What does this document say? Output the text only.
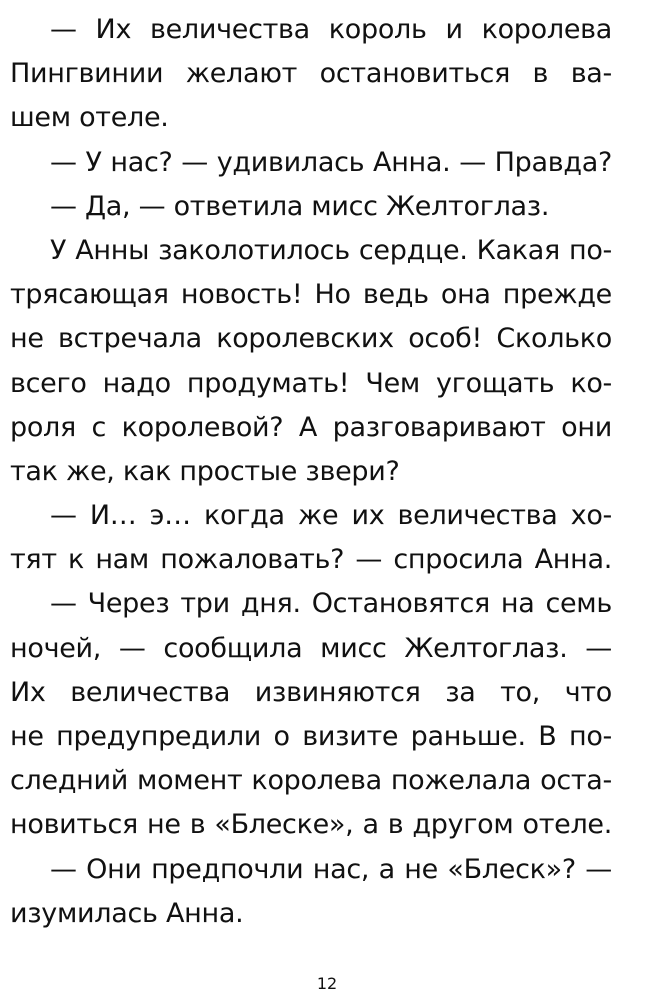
— Их величества король и королева
Пингвинии желают остановиться в ва-
шем отеле.
— У нас? — удивилась Анна. — Правда?
— Да, — ответила мисс Желтоглаз.
У Анны заколотилось сердце. Какая по-
трясающая новость! Но ведь она прежде
не встречала королевских особ! Сколько
всего надо продумать! Чем угощать ко-
роля с королевой? А разговаривают они
так же, как простые звери?
— И… э… когда же их величества хо-
тят к нам пожаловать? — спросила Анна.
— Через три дня. Остановятся на семь
ночей, — сообщила мисс Желтоглаз. —
Их величества извиняются за то, что
не предупредили о визите раньше. В по-
следний момент королева пожелала оста-
новиться не в «Блеске», а в другом отеле.
— Они предпочли нас, а не «Блеск»? —
изумилась Анна.
12
